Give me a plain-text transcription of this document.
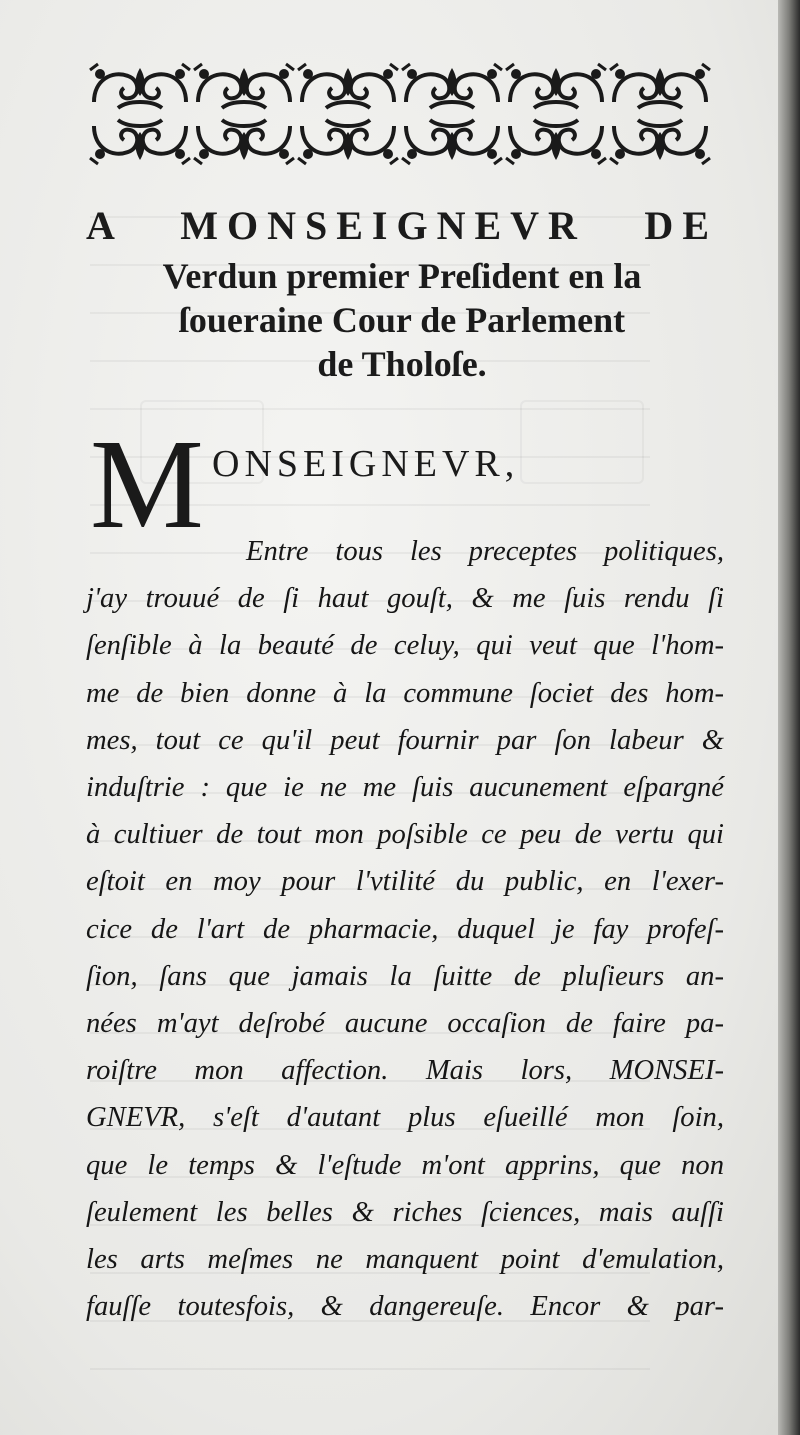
A MONSEIGNEVR DE
Verdun premier Preſident en la
ſoueraine Cour de Parlement
de Tholoſe.
M ONSEIGNEVR,
Entre tous les preceptes politiques,
j'ay trouué de ſi haut gouſt, & me ſuis rendu ſi
ſenſible à la beauté de celuy, qui veut que l'hom-
me de bien donne à la commune ſociet des hom-
mes, tout ce qu'il peut fournir par ſon labeur &
induſtrie : que ie ne me ſuis aucunement eſpargné
à cultiuer de tout mon poſsible ce peu de vertu qui
eſtoit en moy pour l'vtilité du public, en l'exer-
cice de l'art de pharmacie, duquel je fay profeſ-
ſion, ſans que jamais la ſuitte de pluſieurs an-
nées m'ayt deſrobé aucune occaſion de faire pa-
roiſtre mon affection. Mais lors, MONSEI-
GNEVR, s'eſt d'autant plus eſueillé mon ſoin,
que le temps & l'eſtude m'ont apprins, que non
ſeulement les belles & riches ſciences, mais auſſi
les arts meſmes ne manquent point d'emulation,
fauſſe toutesfois, & dangereuſe. Encor & par-
